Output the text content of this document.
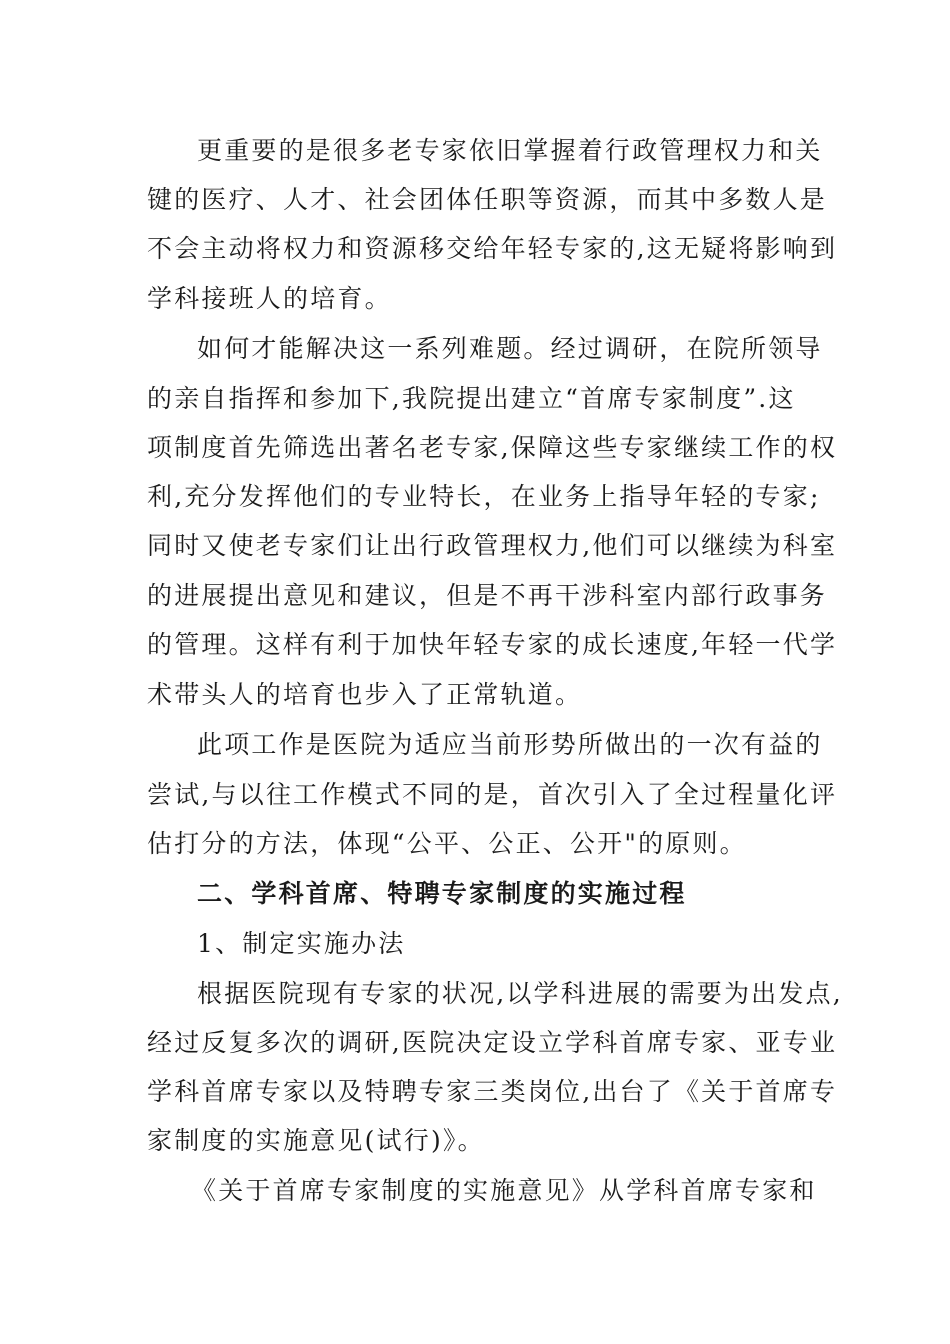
更重要的是很多老专家依旧掌握着行政管理权力和关
键的医疗、人才、社会团体任职等资源，而其中多数人是
不会主动将权力和资源移交给年轻专家的,这无疑将影响到
学科接班人的培育。
如何才能解决这一系列难题。经过调研，在院所领导
的亲自指挥和参加下,我院提出建立“首席专家制度”.这
项制度首先筛选出著名老专家,保障这些专家继续工作的权
利,充分发挥他们的专业特长，在业务上指导年轻的专家;
同时又使老专家们让出行政管理权力,他们可以继续为科室
的进展提出意见和建议，但是不再干涉科室内部行政事务
的管理。这样有利于加快年轻专家的成长速度,年轻一代学
术带头人的培育也步入了正常轨道。
此项工作是医院为适应当前形势所做出的一次有益的
尝试,与以往工作模式不同的是，首次引入了全过程量化评
估打分的方法，体现“公平、公正、公开"的原则。
二、学科首席、特聘专家制度的实施过程
1、制定实施办法
根据医院现有专家的状况,以学科进展的需要为出发点,
经过反复多次的调研,医院决定设立学科首席专家、亚专业
学科首席专家以及特聘专家三类岗位,出台了《关于首席专
家制度的实施意见(试行)》。
《关于首席专家制度的实施意见》从学科首席专家和
